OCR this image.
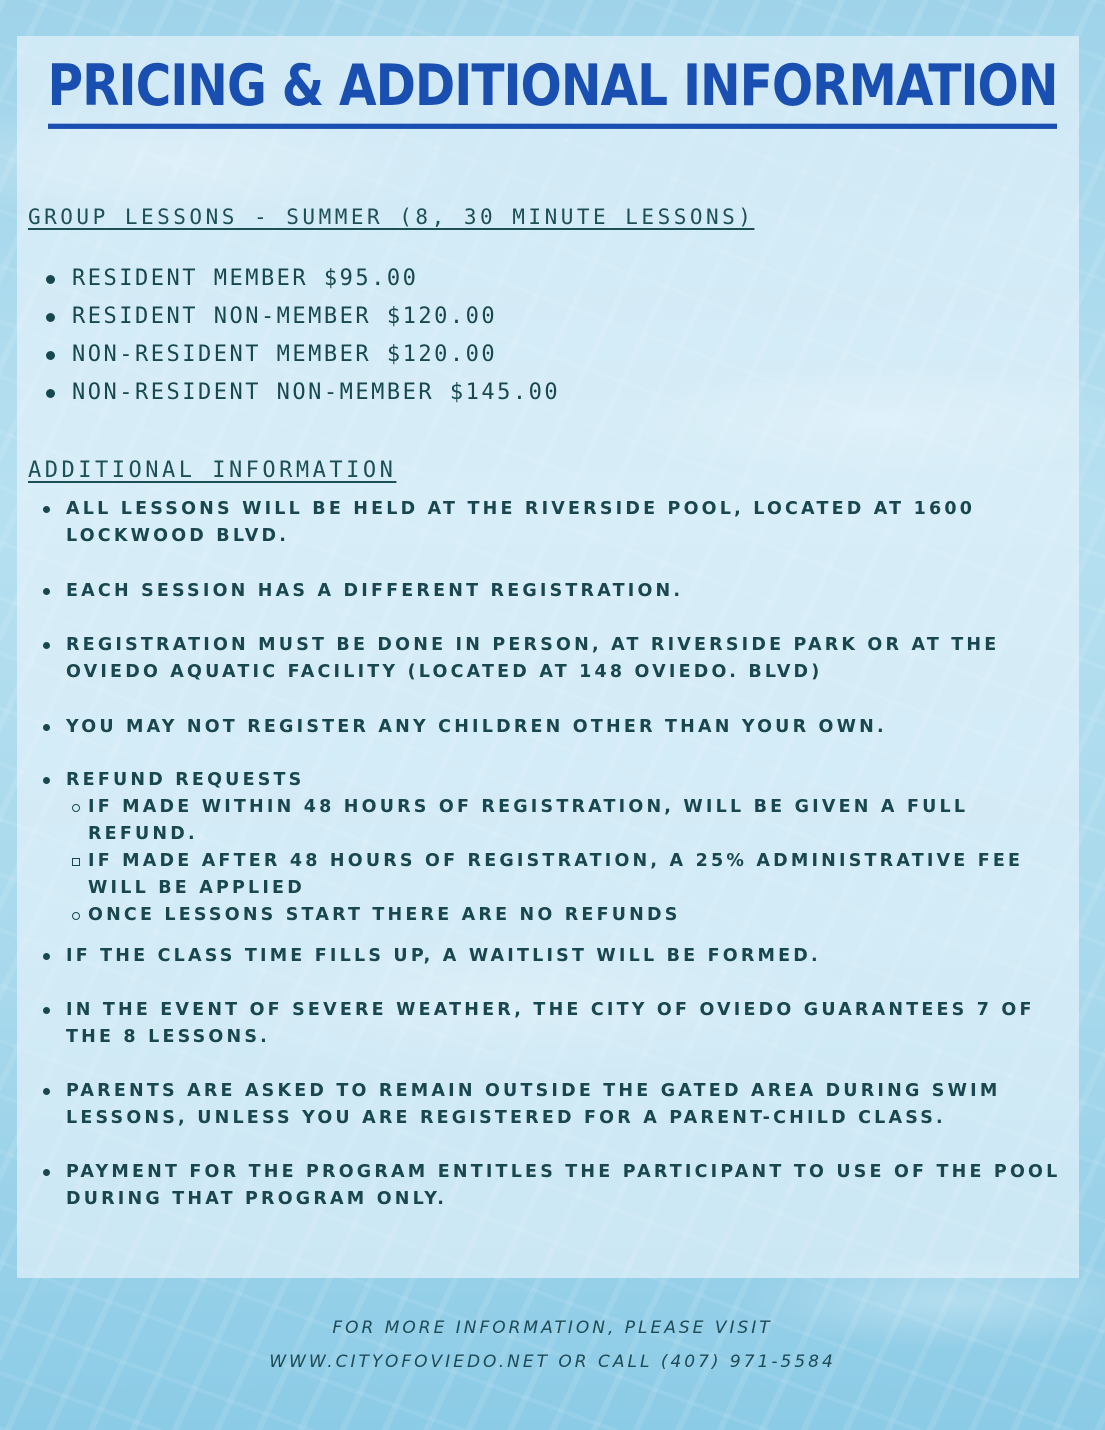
PRICING & ADDITIONAL INFORMATION
GROUP LESSONS - SUMMER (8, 30 MINUTE LESSONS)
RESIDENT MEMBER $95.00
RESIDENT NON-MEMBER $120.00
NON-RESIDENT MEMBER $120.00
NON-RESIDENT NON-MEMBER $145.00
ADDITIONAL INFORMATION
ALL LESSONS WILL BE HELD AT THE RIVERSIDE POOL, LOCATED AT 1600 LOCKWOOD BLVD.
EACH SESSION HAS A DIFFERENT REGISTRATION.
REGISTRATION MUST BE DONE IN PERSON, AT RIVERSIDE PARK OR AT THE OVIEDO AQUATIC FACILITY (LOCATED AT 148 OVIEDO. BLVD)
YOU MAY NOT REGISTER ANY CHILDREN OTHER THAN YOUR OWN.
REFUND REQUESTS
IF MADE WITHIN 48 HOURS OF REGISTRATION, WILL BE GIVEN A FULL REFUND.
IF MADE AFTER 48 HOURS OF REGISTRATION, A 25% ADMINISTRATIVE FEE WILL BE APPLIED
ONCE LESSONS START THERE ARE NO REFUNDS
IF THE CLASS TIME FILLS UP, A WAITLIST WILL BE FORMED.
IN THE EVENT OF SEVERE WEATHER, THE CITY OF OVIEDO GUARANTEES 7 OF THE 8 LESSONS.
PARENTS ARE ASKED TO REMAIN OUTSIDE THE GATED AREA DURING SWIM LESSONS, UNLESS YOU ARE REGISTERED FOR A PARENT-CHILD CLASS.
PAYMENT FOR THE PROGRAM ENTITLES THE PARTICIPANT TO USE OF THE POOL DURING THAT PROGRAM ONLY.
FOR MORE INFORMATION, PLEASE VISIT
WWW.CITYOFOVIEDO.NET OR CALL (407) 971-5584
